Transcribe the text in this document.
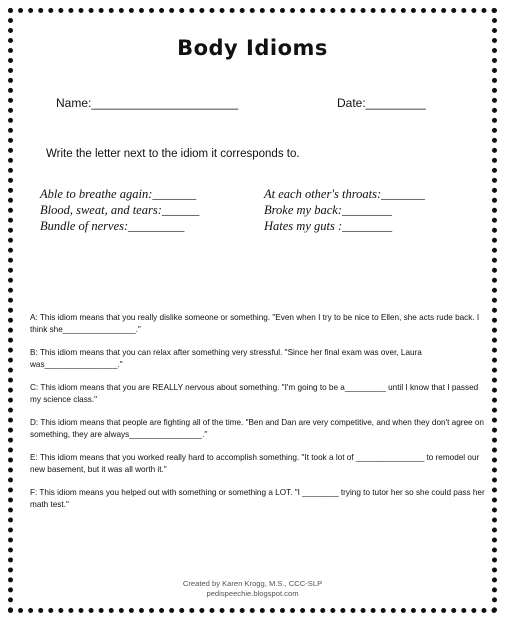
Body Idioms
Name:______________________	Date:_________
Write the letter next to the idiom it corresponds to.
Able to breathe again:_______
Blood, sweat, and tears:______
Bundle of nerves:_________
At each other's throats:_______
Broke my back:________
Hates my guts :________

A: This idiom means that you really dislike someone or something. "Even when I try to be nice to Ellen, she acts rude back. I think she________________."

B: This idiom means that you can relax after something very stressful. "Since her final exam was over, Laura was________________."

C: This idiom means that you are REALLY nervous about something. "I'm going to be a_________ until I know that I passed my science class."

D: This idiom means that people are fighting all of the time. "Ben and Dan are very competitive, and when they don't agree on something, they are always________________."

E: This idiom means that you worked really hard to accomplish something. "It took a lot of _______________ to remodel our new basement, but it was all worth it."

F: This idiom means you helped out with something or something a LOT. "I ________ trying to tutor her so she could pass her math test."

Created by Karen Krogg, M.S., CCC-SLP
pedispeechie.blogspot.com
